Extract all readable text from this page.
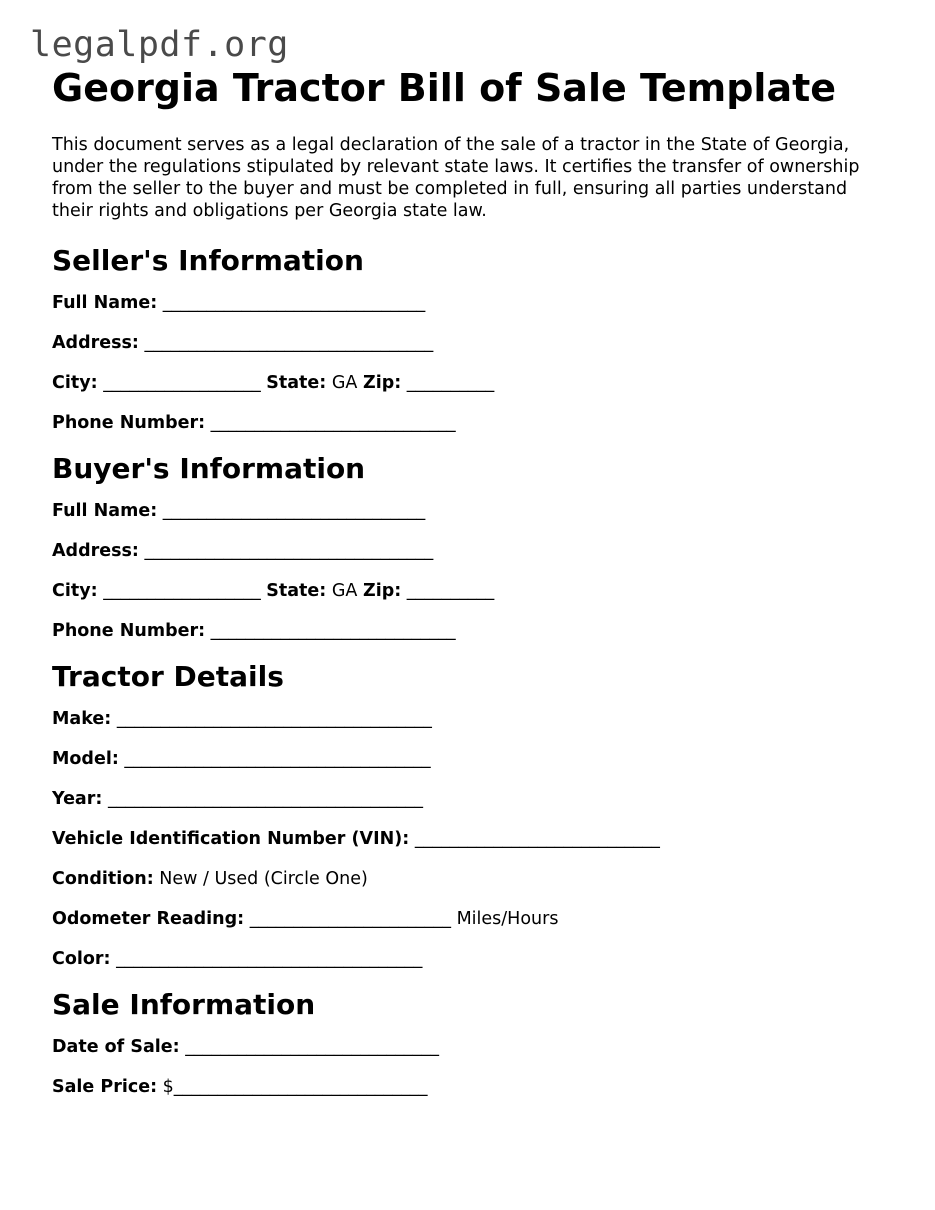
legalpdf.org
Georgia Tractor Bill of Sale Template

This document serves as a legal declaration of the sale of a tractor in the State of Georgia, under the regulations stipulated by relevant state laws. It certifies the transfer of ownership from the seller to the buyer and must be completed in full, ensuring all parties understand their rights and obligations per Georgia state law.

Seller's Information
Full Name: ______________________________
Address: _________________________________
City: __________________ State: GA Zip: __________
Phone Number: ____________________________
Buyer's Information
Full Name: ______________________________
Address: _________________________________
City: __________________ State: GA Zip: __________
Phone Number: ____________________________
Tractor Details
Make: ____________________________________
Model: ___________________________________
Year: ____________________________________
Vehicle Identification Number (VIN): ____________________________
Condition: New / Used (Circle One)
Odometer Reading: _______________________ Miles/Hours
Color: ___________________________________
Sale Information
Date of Sale: _____________________________
Sale Price: $_____________________________
